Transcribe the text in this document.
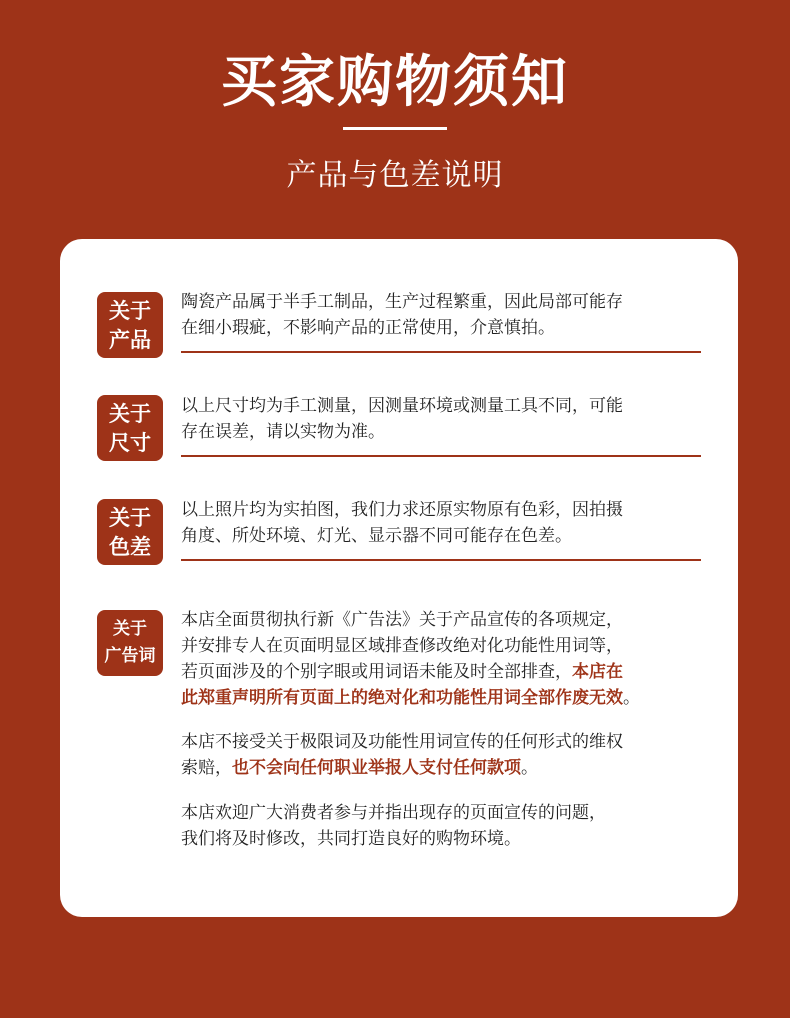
买家购物须知
产品与色差说明
关于
产品

陶瓷产品属于半手工制品，生产过程繁重，因此局部可能存

在细小瑕疵，不影响产品的正常使用，介意慎拍。

关于
尺寸

以上尺寸均为手工测量，因测量环境或测量工具不同，可能

存在误差，请以实物为准。

关于
色差

以上照片均为实拍图，我们力求还原实物原有色彩，因拍摄

角度、所处环境、灯光、显示器不同可能存在色差。

关于
广告词

本店全面贯彻执行新《广告法》关于产品宣传的各项规定，

并安排专人在页面明显区域排查修改绝对化功能性用词等，

若页面涉及的个别字眼或用词语未能及时全部排查，本店在

此郑重声明所有页面上的绝对化和功能性用词全部作废无效。

本店不接受关于极限词及功能性用词宣传的任何形式的维权

索赔，也不会向任何职业举报人支付任何款项。

本店欢迎广大消费者参与并指出现存的页面宣传的问题，

我们将及时修改，共同打造良好的购物环境。
